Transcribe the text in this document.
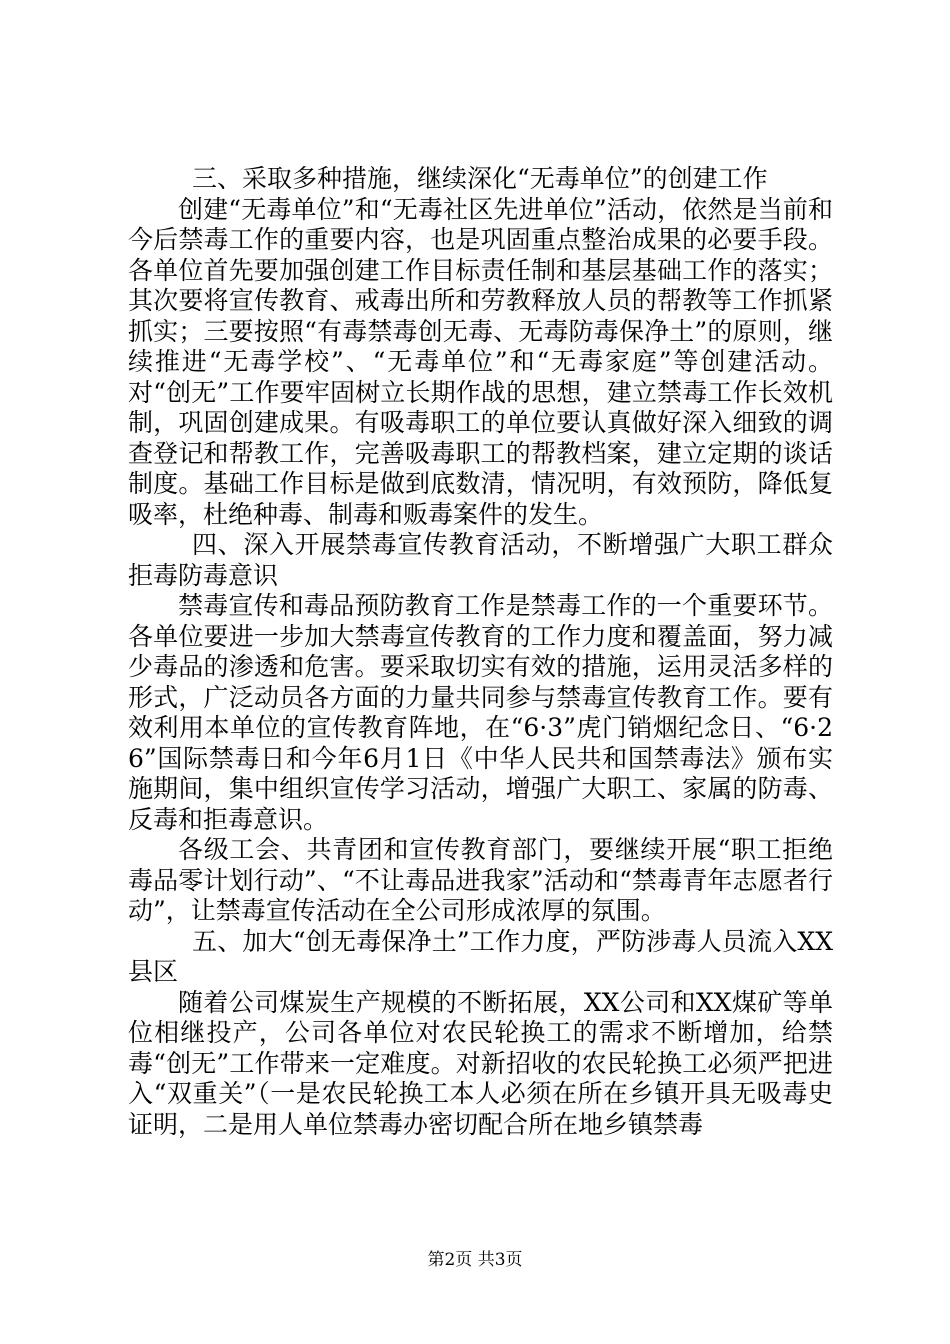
三、采取多种措施，继续深化“无毒单位”的创建工作

创建“无毒单位”和“无毒社区先进单位”活动，依然是当前和今后禁毒工作的重要内容，也是巩固重点整治成果的必要手段。各单位首先要加强创建工作目标责任制和基层基础工作的落实；其次要将宣传教育、戒毒出所和劳教释放人员的帮教等工作抓紧抓实；三要按照“有毒禁毒创无毒、无毒防毒保净土”的原则，继续推进“无毒学校”、“无毒单位”和“无毒家庭”等创建活动。对“创无”工作要牢固树立长期作战的思想，建立禁毒工作长效机制，巩固创建成果。有吸毒职工的单位要认真做好深入细致的调查登记和帮教工作，完善吸毒职工的帮教档案，建立定期的谈话制度。基础工作目标是做到底数清，情况明，有效预防，降低复吸率，杜绝种毒、制毒和贩毒案件的发生。

四、深入开展禁毒宣传教育活动，不断增强广大职工群众拒毒防毒意识

禁毒宣传和毒品预防教育工作是禁毒工作的一个重要环节。各单位要进一步加大禁毒宣传教育的工作力度和覆盖面，努力减少毒品的渗透和危害。要采取切实有效的措施，运用灵活多样的形式，广泛动员各方面的力量共同参与禁毒宣传教育工作。要有效利用本单位的宣传教育阵地，在“6·3”虎门销烟纪念日、“6·26”国际禁毒日和今年6月1日《中华人民共和国禁毒法》颁布实施期间，集中组织宣传学习活动，增强广大职工、家属的防毒、反毒和拒毒意识。

各级工会、共青团和宣传教育部门，要继续开展“职工拒绝毒品零计划行动”、“不让毒品进我家”活动和“禁毒青年志愿者行动”，让禁毒宣传活动在全公司形成浓厚的氛围。

五、加大“创无毒保净土”工作力度，严防涉毒人员流入XX县区

随着公司煤炭生产规模的不断拓展，XX公司和XX煤矿等单位相继投产，公司各单位对农民轮换工的需求不断增加，给禁毒“创无”工作带来一定难度。对新招收的农民轮换工必须严把进入“双重关”（一是农民轮换工本人必须在所在乡镇开具无吸毒史证明，二是用人单位禁毒办密切配合所在地乡镇禁毒

第2页 共3页
